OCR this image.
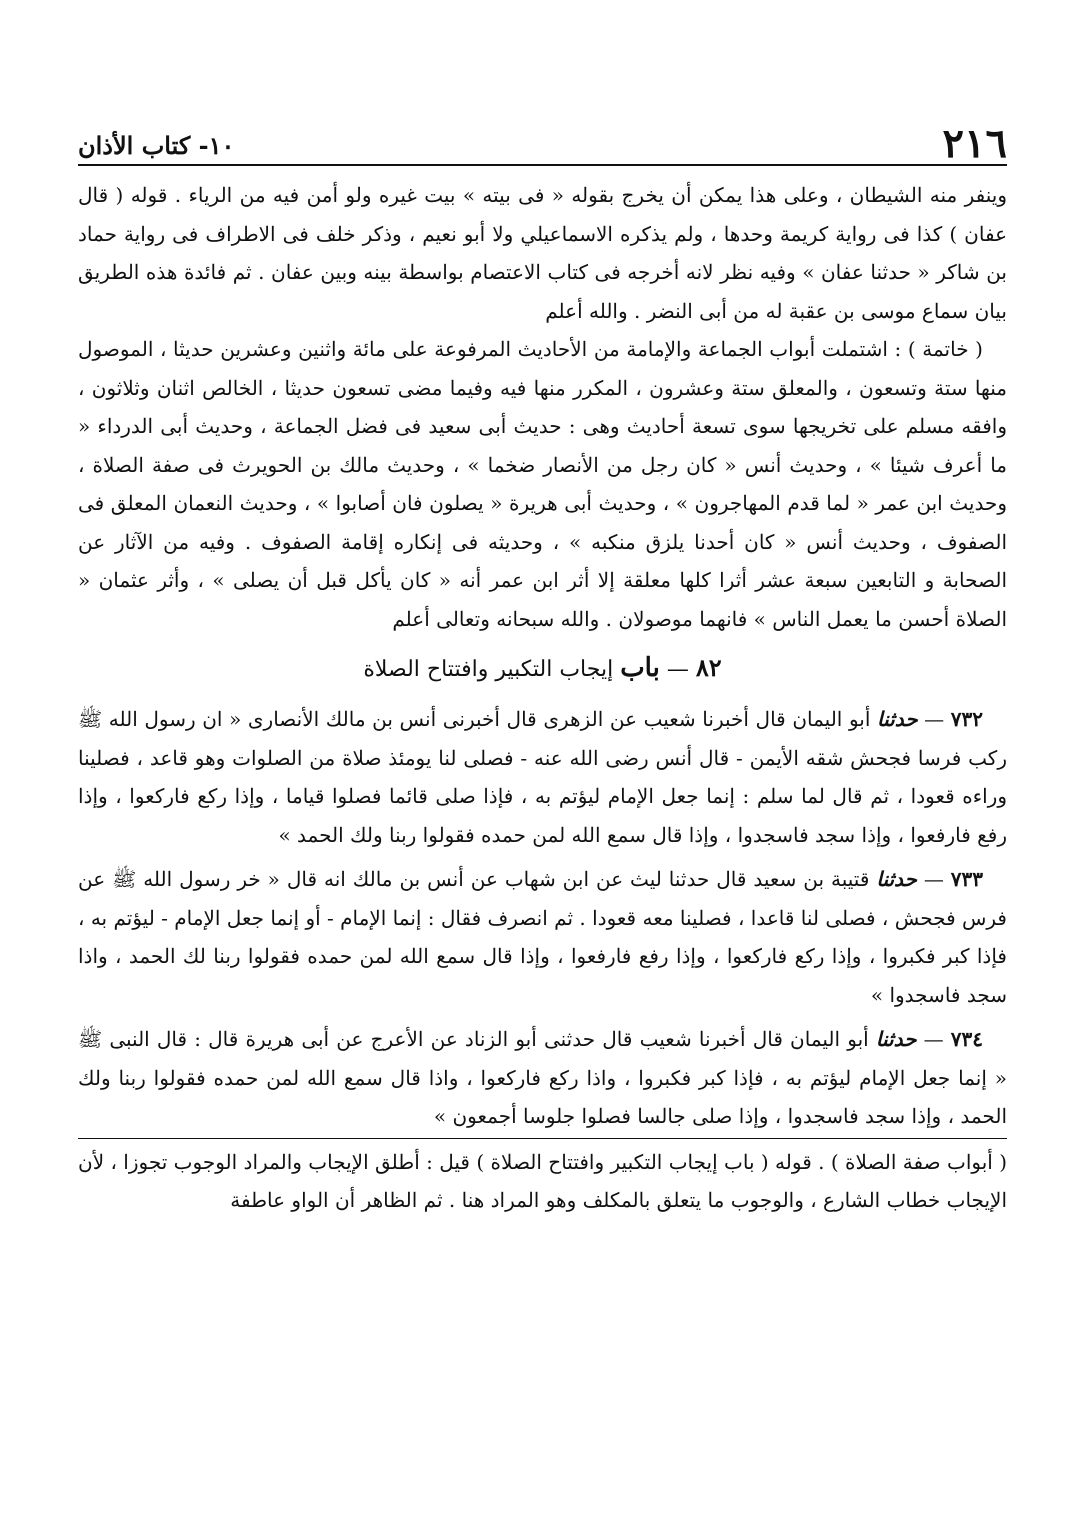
٢١٦
١٠- كتاب الأذان

وينفر منه الشيطان ، وعلى هذا يمكن أن يخرج بقوله « فى بيته » بيت غيره ولو أمن فيه من الرياء . قوله ( قال عفان ) كذا فى رواية كريمة وحدها ، ولم يذكره الاسماعيلي ولا أبو نعيم ، وذكر خلف فى الاطراف فى رواية حماد بن شاكر « حدثنا عفان » وفيه نظر لانه أخرجه فى كتاب الاعتصام بواسطة بينه وبين عفان . ثم فائدة هذه الطريق بيان سماع موسى بن عقبة له من أبى النضر . والله أعلم

( خاتمة ) : اشتملت أبواب الجماعة والإمامة من الأحاديث المرفوعة على مائة واثنين وعشرين حديثا ، الموصول منها ستة وتسعون ، والمعلق ستة وعشرون ، المكرر منها فيه وفيما مضى تسعون حديثا ، الخالص اثنان وثلاثون ، وافقه مسلم على تخريجها سوى تسعة أحاديث وهى : حديث أبى سعيد فى فضل الجماعة ، وحديث أبى الدرداء « ما أعرف شيئا » ، وحديث أنس « كان رجل من الأنصار ضخما » ، وحديث مالك بن الحويرث فى صفة الصلاة ، وحديث ابن عمر « لما قدم المهاجرون » ، وحديث أبى هريرة « يصلون فان أصابوا » ، وحديث النعمان المعلق فى الصفوف ، وحديث أنس « كان أحدنا يلزق منكبه » ، وحديثه فى إنكاره إقامة الصفوف . وفيه من الآثار عن الصحابة و التابعين سبعة عشر أثرا كلها معلقة إلا أثر ابن عمر أنه « كان يأكل قبل أن يصلى » ، وأثر عثمان « الصلاة أحسن ما يعمل الناس » فانهما موصولان . والله سبحانه وتعالى أعلم

٨٢ — باب إيجاب التكبير وافتتاح الصلاة

٧٣٢ — حدثنا أبو اليمان قال أخبرنا شعيب عن الزهرى قال أخبرنى أنس بن مالك الأنصارى « ان رسول الله ﷺ ركب فرسا فجحش شقه الأيمن - قال أنس رضى الله عنه - فصلى لنا يومئذ صلاة من الصلوات وهو قاعد ، فصلينا وراءه قعودا ، ثم قال لما سلم : إنما جعل الإمام ليؤتم به ، فإذا صلى قائما فصلوا قياما ، وإذا ركع فاركعوا ، وإذا رفع فارفعوا ، وإذا سجد فاسجدوا ، وإذا قال سمع الله لمن حمده فقولوا ربنا ولك الحمد »

٧٣٣ — حدثنا قتيبة بن سعيد قال حدثنا ليث عن ابن شهاب عن أنس بن مالك انه قال « خر رسول الله ﷺ عن فرس فجحش ، فصلى لنا قاعدا ، فصلينا معه قعودا . ثم انصرف فقال : إنما الإمام - أو إنما جعل الإمام - ليؤتم به ، فإذا كبر فكبروا ، وإذا ركع فاركعوا ، وإذا رفع فارفعوا ، وإذا قال سمع الله لمن حمده فقولوا ربنا لك الحمد ، واذا سجد فاسجدوا »

٧٣٤ — حدثنا أبو اليمان قال أخبرنا شعيب قال حدثنى أبو الزناد عن الأعرج عن أبى هريرة قال : قال النبى ﷺ « إنما جعل الإمام ليؤتم به ، فإذا كبر فكبروا ، واذا ركع فاركعوا ، واذا قال سمع الله لمن حمده فقولوا ربنا ولك الحمد ، وإذا سجد فاسجدوا ، وإذا صلى جالسا فصلوا جلوسا أجمعون »

( أبواب صفة الصلاة ) . قوله ( باب إيجاب التكبير وافتتاح الصلاة ) قيل : أطلق الإيجاب والمراد الوجوب تجوزا ، لأن الإيجاب خطاب الشارع ، والوجوب ما يتعلق بالمكلف وهو المراد هنا . ثم الظاهر أن الواو عاطفة
